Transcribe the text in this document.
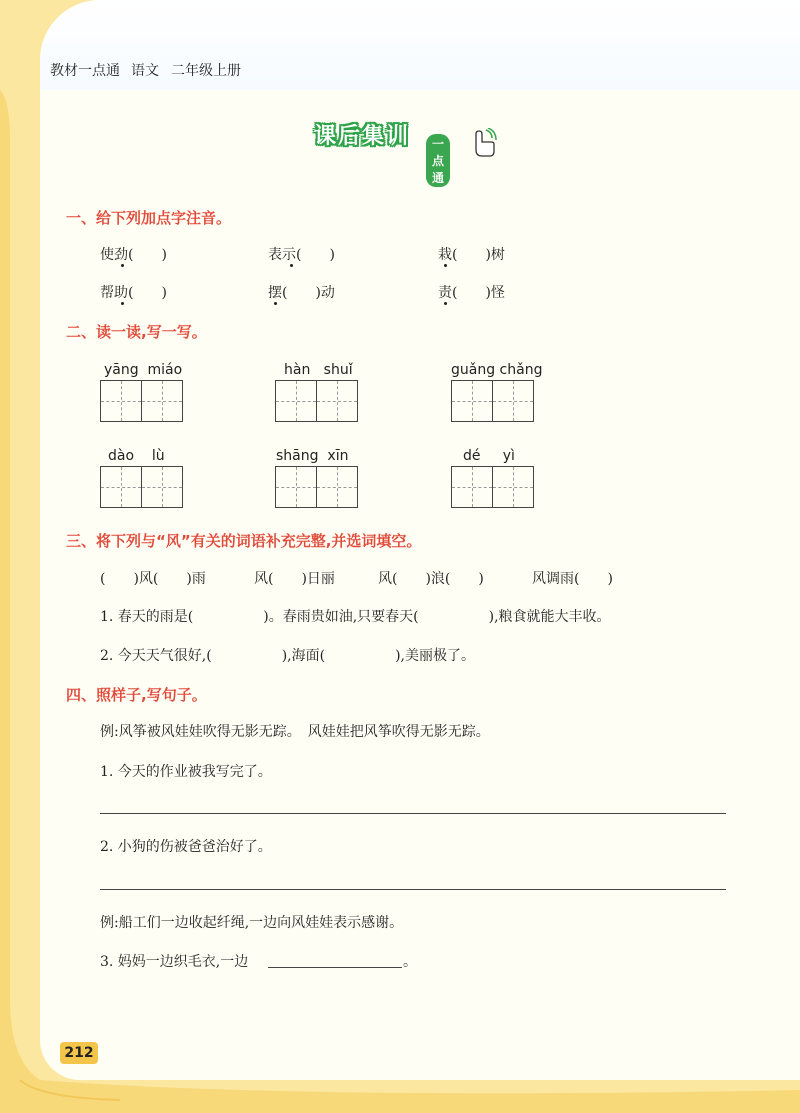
教材一点通 语文 二年级上册
课后集训	一点通
一、给下列加点字注音。
使劲(　　)	表示(　　)	栽(　　)树
帮助(　　)	摆(　　)动	责(　　)怪
二、读一读,写一写。
yāng  miáo	hàn   shuǐ	guǎng chǎng
dào    lù	shāng  xīn	dé     yì
三、将下列与“风”有关的词语补充完整,并选词填空。
(　　)风(　　)雨	风(　　)日丽	风(　　)浪(　　)	风调雨(　　)
1. 春天的雨是(　　　　　)。春雨贵如油,只要春天(　　　　　),粮食就能大丰收。
2. 今天天气很好,(　　　　　),海面(　　　　　),美丽极了。
四、照样子,写句子。
例:风筝被风娃娃吹得无影无踪。　风娃娃把风筝吹得无影无踪。
1. 今天的作业被我写完了。
2. 小狗的伤被爸爸治好了。
例:船工们一边收起纤绳,一边向风娃娃表示感谢。
3. 妈妈一边织毛衣,一边	。
212
